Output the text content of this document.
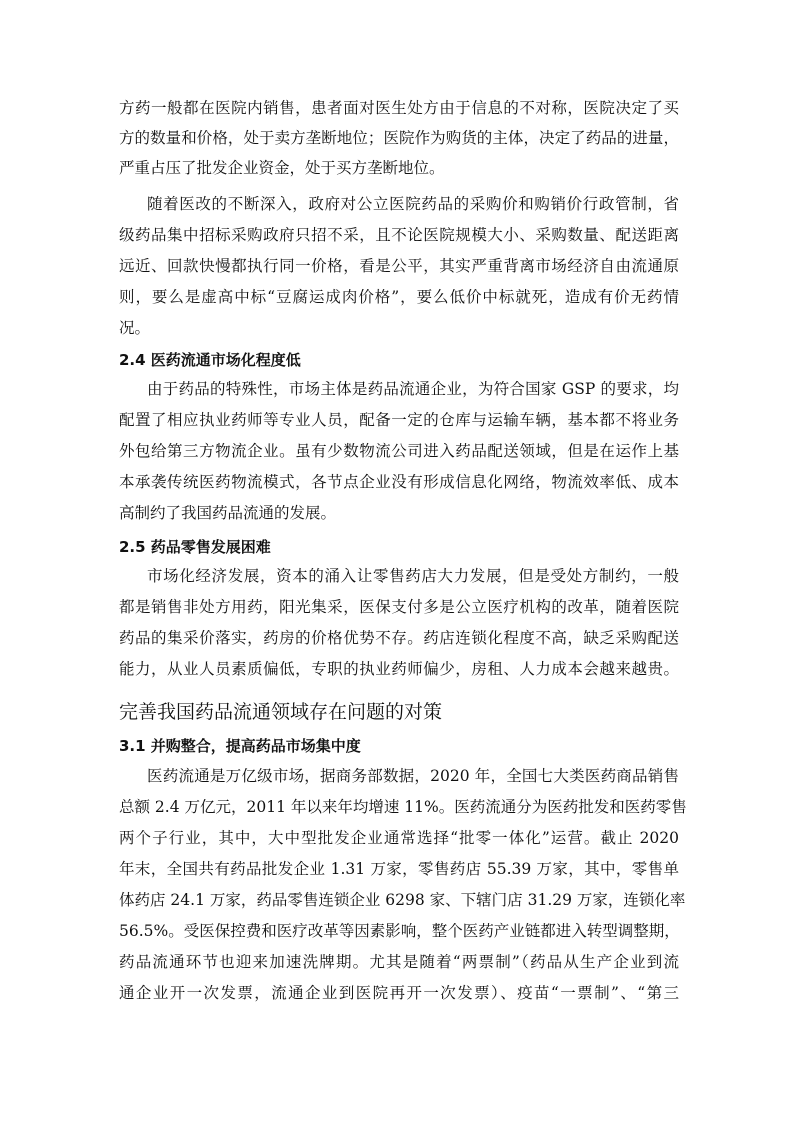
方药一般都在医院内销售，患者面对医生处方由于信息的不对称，医院决定了买
方的数量和价格，处于卖方垄断地位；医院作为购货的主体，决定了药品的进量，
严重占压了批发企业资金，处于买方垄断地位。
随着医改的不断深入，政府对公立医院药品的采购价和购销价行政管制，省
级药品集中招标采购政府只招不采，且不论医院规模大小、采购数量、配送距离
远近、回款快慢都执行同一价格，看是公平，其实严重背离市场经济自由流通原
则，要么是虚高中标“豆腐运成肉价格”，要么低价中标就死，造成有价无药情
况。
2.4 医药流通市场化程度低
由于药品的特殊性，市场主体是药品流通企业，为符合国家 GSP 的要求，均
配置了相应执业药师等专业人员，配备一定的仓库与运输车辆，基本都不将业务
外包给第三方物流企业。虽有少数物流公司进入药品配送领域，但是在运作上基
本承袭传统医药物流模式，各节点企业没有形成信息化网络，物流效率低、成本
高制约了我国药品流通的发展。
2.5 药品零售发展困难
市场化经济发展，资本的涌入让零售药店大力发展，但是受处方制约，一般
都是销售非处方用药，阳光集采，医保支付多是公立医疗机构的改革，随着医院
药品的集采价落实，药房的价格优势不存。药店连锁化程度不高，缺乏采购配送
能力，从业人员素质偏低，专职的执业药师偏少，房租、人力成本会越来越贵。
完善我国药品流通领域存在问题的对策
3.1 并购整合，提高药品市场集中度
医药流通是万亿级市场，据商务部数据，2020 年，全国七大类医药商品销售
总额 2.4 万亿元，2011 年以来年均增速 11%。医药流通分为医药批发和医药零售
两个子行业，其中，大中型批发企业通常选择“批零一体化”运营。截止 2020
年末，全国共有药品批发企业 1.31 万家，零售药店 55.39 万家，其中，零售单
体药店 24.1 万家，药品零售连锁企业 6298 家、下辖门店 31.29 万家，连锁化率
56.5%。受医保控费和医疗改革等因素影响，整个医药产业链都进入转型调整期，
药品流通环节也迎来加速洗牌期。尤其是随着“两票制”（药品从生产企业到流
通企业开一次发票，流通企业到医院再开一次发票）、疫苗“一票制”、“第三
